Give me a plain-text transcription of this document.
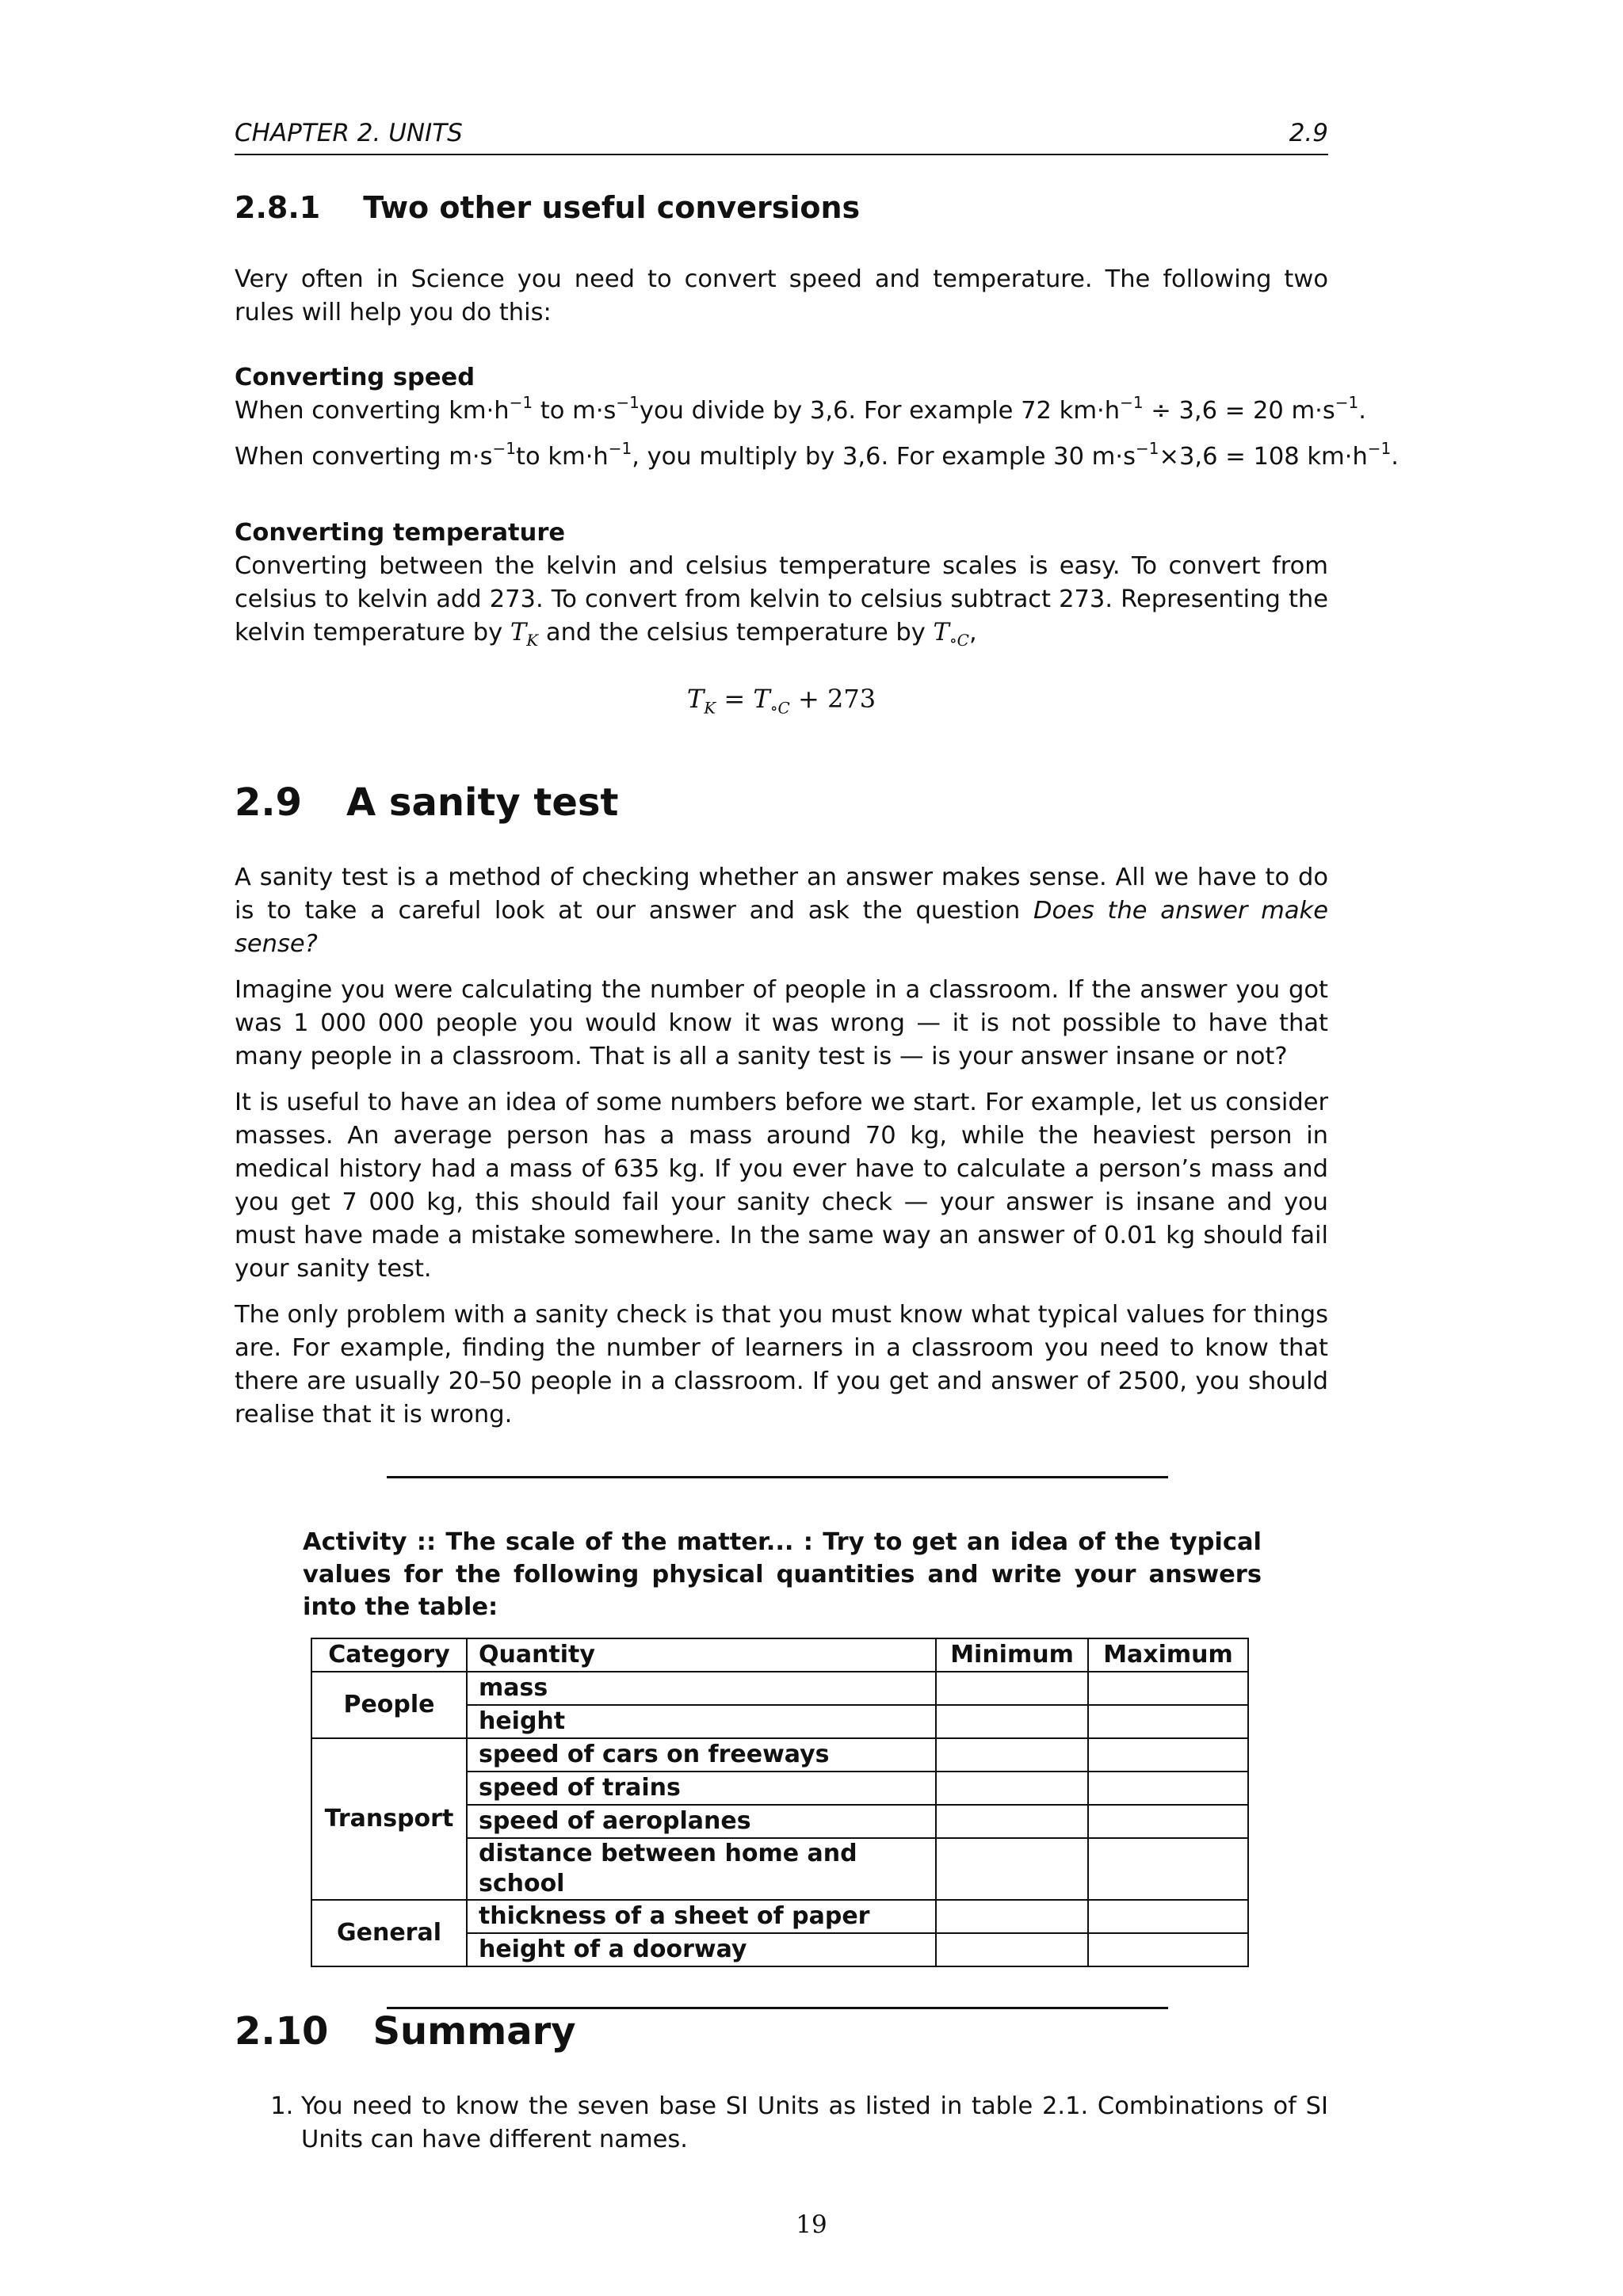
CHAPTER 2. UNITS	2.9
2.8.1 Two other useful conversions

Very often in Science you need to convert speed and temperature. The following two rules will help you do this:

Converting speed

When converting $km\cdot h^{-1}$ to $m\cdot s^{-1}you$ divide by 3,6. For example 72 $km\cdot h^{-1} \div 3,6 = 20$ $m\cdot s^{-1}$.

When converting $m\cdot s^{-1}to$ $km\cdot h^{-1}$, you multiply by 3,6. For example 30 $m\cdot s^{-1}\times 3,6 = 108$ $km\cdot h^{-1}$.

Converting temperature

Converting between the kelvin and celsius temperature scales is easy. To convert from celsius to kelvin add 273. To convert from kelvin to celsius subtract 273. Representing the kelvin temperature by $T_K$ and the celsius temperature by $T_{\circ C}$,

$T_K = T_{\circ C} + 273$
2.9 A sanity test

A sanity test is a method of checking whether an answer makes sense. All we have to do is to take a careful look at our answer and ask the question Does the answer make sense?

Imagine you were calculating the number of people in a classroom. If the answer you got was 1 000 000 people you would know it was wrong — it is not possible to have that many people in a classroom. That is all a sanity test is — is your answer insane or not?

It is useful to have an idea of some numbers before we start. For example, let us consider masses. An average person has a mass around 70 kg, while the heaviest person in medical history had a mass of 635 kg. If you ever have to calculate a person’s mass and you get 7 000 kg, this should fail your sanity check — your answer is insane and you must have made a mistake somewhere. In the same way an answer of 0.01 kg should fail your sanity test.

The only problem with a sanity check is that you must know what typical values for things are. For example, finding the number of learners in a classroom you need to know that there are usually 20–50 people in a classroom. If you get and answer of 2500, you should realise that it is wrong.

Activity :: The scale of the matter... : Try to get an idea of the typical values for the following physical quantities and write your answers into the table:
Category	Quantity	Minimum	Maximum
People	mass		
	height		
Transport	speed of cars on freeways		
	speed of trains		
	speed of aeroplanes		
	distance between home and school		
General	thickness of a sheet of paper		
	height of a doorway		
2.10 Summary
1. You need to know the seven base SI Units as listed in table 2.1. Combinations of SI Units can have different names.
19
